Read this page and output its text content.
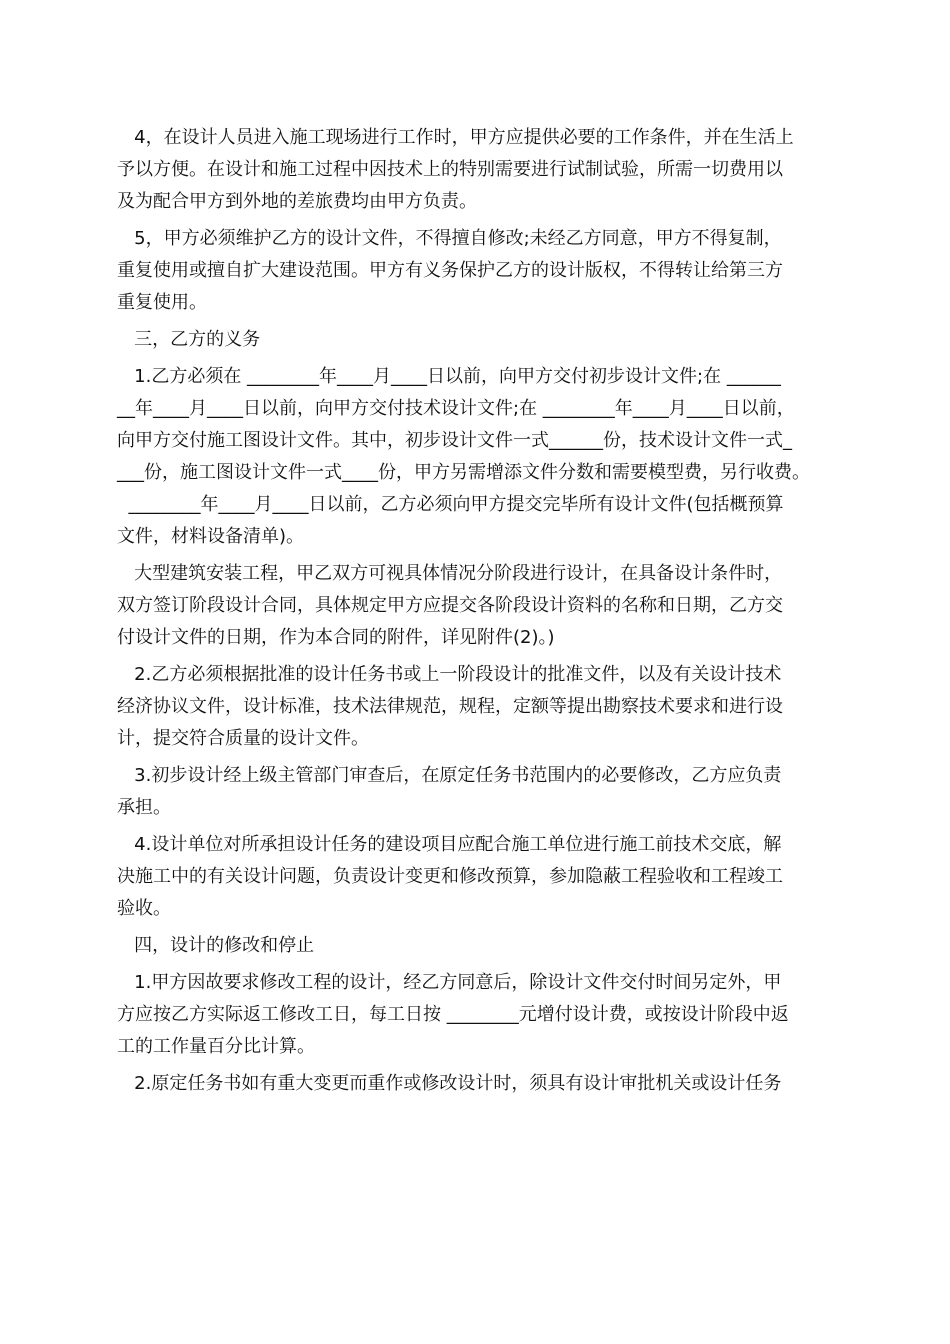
4，在设计人员进入施工现场进行工作时，甲方应提供必要的工作条件，并在生活上
予以方便。在设计和施工过程中因技术上的特别需要进行试制试验，所需一切费用以
及为配合甲方到外地的差旅费均由甲方负责。
5，甲方必须维护乙方的设计文件，不得擅自修改;未经乙方同意，甲方不得复制，
重复使用或擅自扩大建设范围。甲方有义务保护乙方的设计版权，不得转让给第三方
重复使用。
三，乙方的义务
1.乙方必须在 ________年____月____日以前，向甲方交付初步设计文件;在 ______
__年____月____日以前，向甲方交付技术设计文件;在 ________年____月____日以前，
向甲方交付施工图设计文件。其中，初步设计文件一式______份，技术设计文件一式_
___份，施工图设计文件一式____份，甲方另需增添文件分数和需要模型费，另行收费。
________年____月____日以前，乙方必须向甲方提交完毕所有设计文件(包括概预算
文件，材料设备清单)。
大型建筑安装工程，甲乙双方可视具体情况分阶段进行设计，在具备设计条件时，
双方签订阶段设计合同，具体规定甲方应提交各阶段设计资料的名称和日期，乙方交
付设计文件的日期，作为本合同的附件，详见附件(2)。)
2.乙方必须根据批准的设计任务书或上一阶段设计的批准文件，以及有关设计技术
经济协议文件，设计标准，技术法律规范，规程，定额等提出勘察技术要求和进行设
计，提交符合质量的设计文件。
3.初步设计经上级主管部门审查后，在原定任务书范围内的必要修改，乙方应负责
承担。
4.设计单位对所承担设计任务的建设项目应配合施工单位进行施工前技术交底，解
决施工中的有关设计问题，负责设计变更和修改预算，参加隐蔽工程验收和工程竣工
验收。
四，设计的修改和停止
1.甲方因故要求修改工程的设计，经乙方同意后，除设计文件交付时间另定外，甲
方应按乙方实际返工修改工日，每工日按 ________元增付设计费，或按设计阶段中返
工的工作量百分比计算。
2.原定任务书如有重大变更而重作或修改设计时，须具有设计审批机关或设计任务
